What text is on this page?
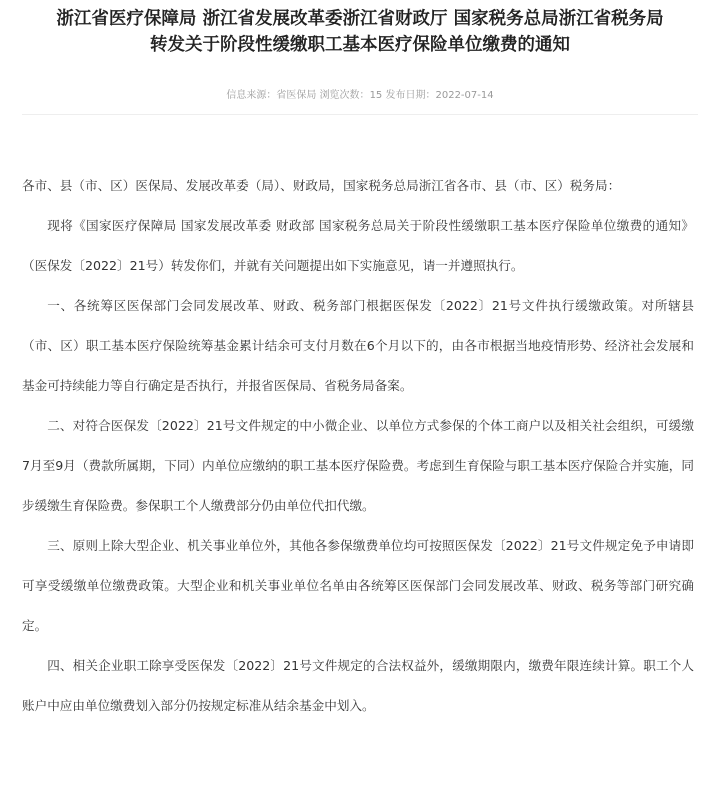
浙江省医疗保障局 浙江省发展改革委浙江省财政厅 国家税务总局浙江省税务局
转发关于阶段性缓缴职工基本医疗保险单位缴费的通知
信息来源：省医保局 浏览次数：15 发布日期：2022-07-14

各市、县（市、区）医保局、发展改革委（局）、财政局，国家税务总局浙江省各市、县（市、区）税务局：

现将《国家医疗保障局 国家发展改革委 财政部 国家税务总局关于阶段性缓缴职工基本医疗保险单位缴费的通知》（医保发〔2022〕21号）转发你们，并就有关问题提出如下实施意见，请一并遵照执行。

一、各统筹区医保部门会同发展改革、财政、税务部门根据医保发〔2022〕21号文件执行缓缴政策。对所辖县（市、区）职工基本医疗保险统筹基金累计结余可支付月数在6个月以下的，由各市根据当地疫情形势、经济社会发展和基金可持续能力等自行确定是否执行，并报省医保局、省税务局备案。

二、对符合医保发〔2022〕21号文件规定的中小微企业、以单位方式参保的个体工商户以及相关社会组织，可缓缴7月至9月（费款所属期，下同）内单位应缴纳的职工基本医疗保险费。考虑到生育保险与职工基本医疗保险合并实施，同步缓缴生育保险费。参保职工个人缴费部分仍由单位代扣代缴。

三、原则上除大型企业、机关事业单位外，其他各参保缴费单位均可按照医保发〔2022〕21号文件规定免予申请即可享受缓缴单位缴费政策。大型企业和机关事业单位名单由各统筹区医保部门会同发展改革、财政、税务等部门研究确定。

四、相关企业职工除享受医保发〔2022〕21号文件规定的合法权益外，缓缴期限内，缴费年限连续计算。职工个人账户中应由单位缴费划入部分仍按规定标准从结余基金中划入。
